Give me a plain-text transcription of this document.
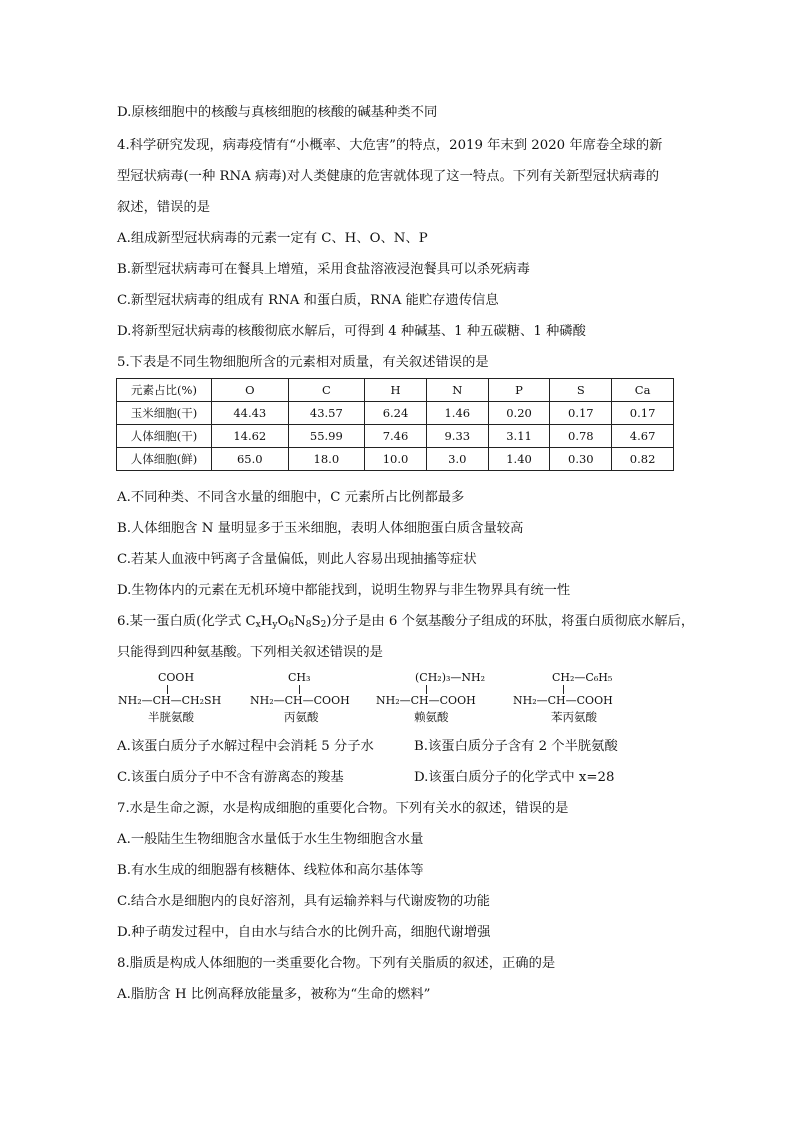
D.原核细胞中的核酸与真核细胞的核酸的碱基种类不同
4.科学研究发现，病毒疫情有“小概率、大危害”的特点，2019 年末到 2020 年席卷全球的新
型冠状病毒(一种 RNA 病毒)对人类健康的危害就体现了这一特点。下列有关新型冠状病毒的
叙述，错误的是
A.组成新型冠状病毒的元素一定有 C、H、O、N、P
B.新型冠状病毒可在餐具上增殖，采用食盐溶液浸泡餐具可以杀死病毒
C.新型冠状病毒的组成有 RNA 和蛋白质，RNA 能贮存遗传信息
D.将新型冠状病毒的核酸彻底水解后，可得到 4 种碱基、1 种五碳糖、1 种磷酸
5.下表是不同生物细胞所含的元素相对质量，有关叙述错误的是
元素占比(%)	O	C	H	N	P	S	Ca
玉米细胞(干)	44.43	43.57	6.24	1.46	0.20	0.17	0.17
人体细胞(干)	14.62	55.99	7.46	9.33	3.11	0.78	4.67
人体细胞(鲜)	65.0	18.0	10.0	3.0	1.40	0.30	0.82
A.不同种类、不同含水量的细胞中，C 元素所占比例都最多
B.人体细胞含 N 量明显多于玉米细胞，表明人体细胞蛋白质含量较高
C.若某人血液中钙离子含量偏低，则此人容易出现抽搐等症状
D.生物体内的元素在无机环境中都能找到，说明生物界与非生物界具有统一性
6.某一蛋白质(化学式 $C_xH_yO_6N_8S_2$)分子是由 6 个氨基酸分子组成的环肽，将蛋白质彻底水解后，
只能得到四种氨基酸。下列相关叙述错误的是
COOH
NH₂—CH—CH₂SH
半胱氨酸
CH₃
NH₂—CH—COOH
丙氨酸
(CH₂)₃—NH₂
NH₂—CH—COOH
赖氨酸
CH₂—C₆H₅
NH₂—CH—COOH
苯丙氨酸
A.该蛋白质分子水解过程中会消耗 5 分子水	B.该蛋白质分子含有 2 个半胱氨酸
C.该蛋白质分子中不含有游离态的羧基	D.该蛋白质分子的化学式中 x=28
7.水是生命之源，水是构成细胞的重要化合物。下列有关水的叙述，错误的是
A.一般陆生生物细胞含水量低于水生生物细胞含水量
B.有水生成的细胞器有核糖体、线粒体和高尔基体等
C.结合水是细胞内的良好溶剂，具有运输养料与代谢废物的功能
D.种子萌发过程中，自由水与结合水的比例升高，细胞代谢增强
8.脂质是构成人体细胞的一类重要化合物。下列有关脂质的叙述，正确的是
A.脂肪含 H 比例高释放能量多，被称为“生命的燃料”
